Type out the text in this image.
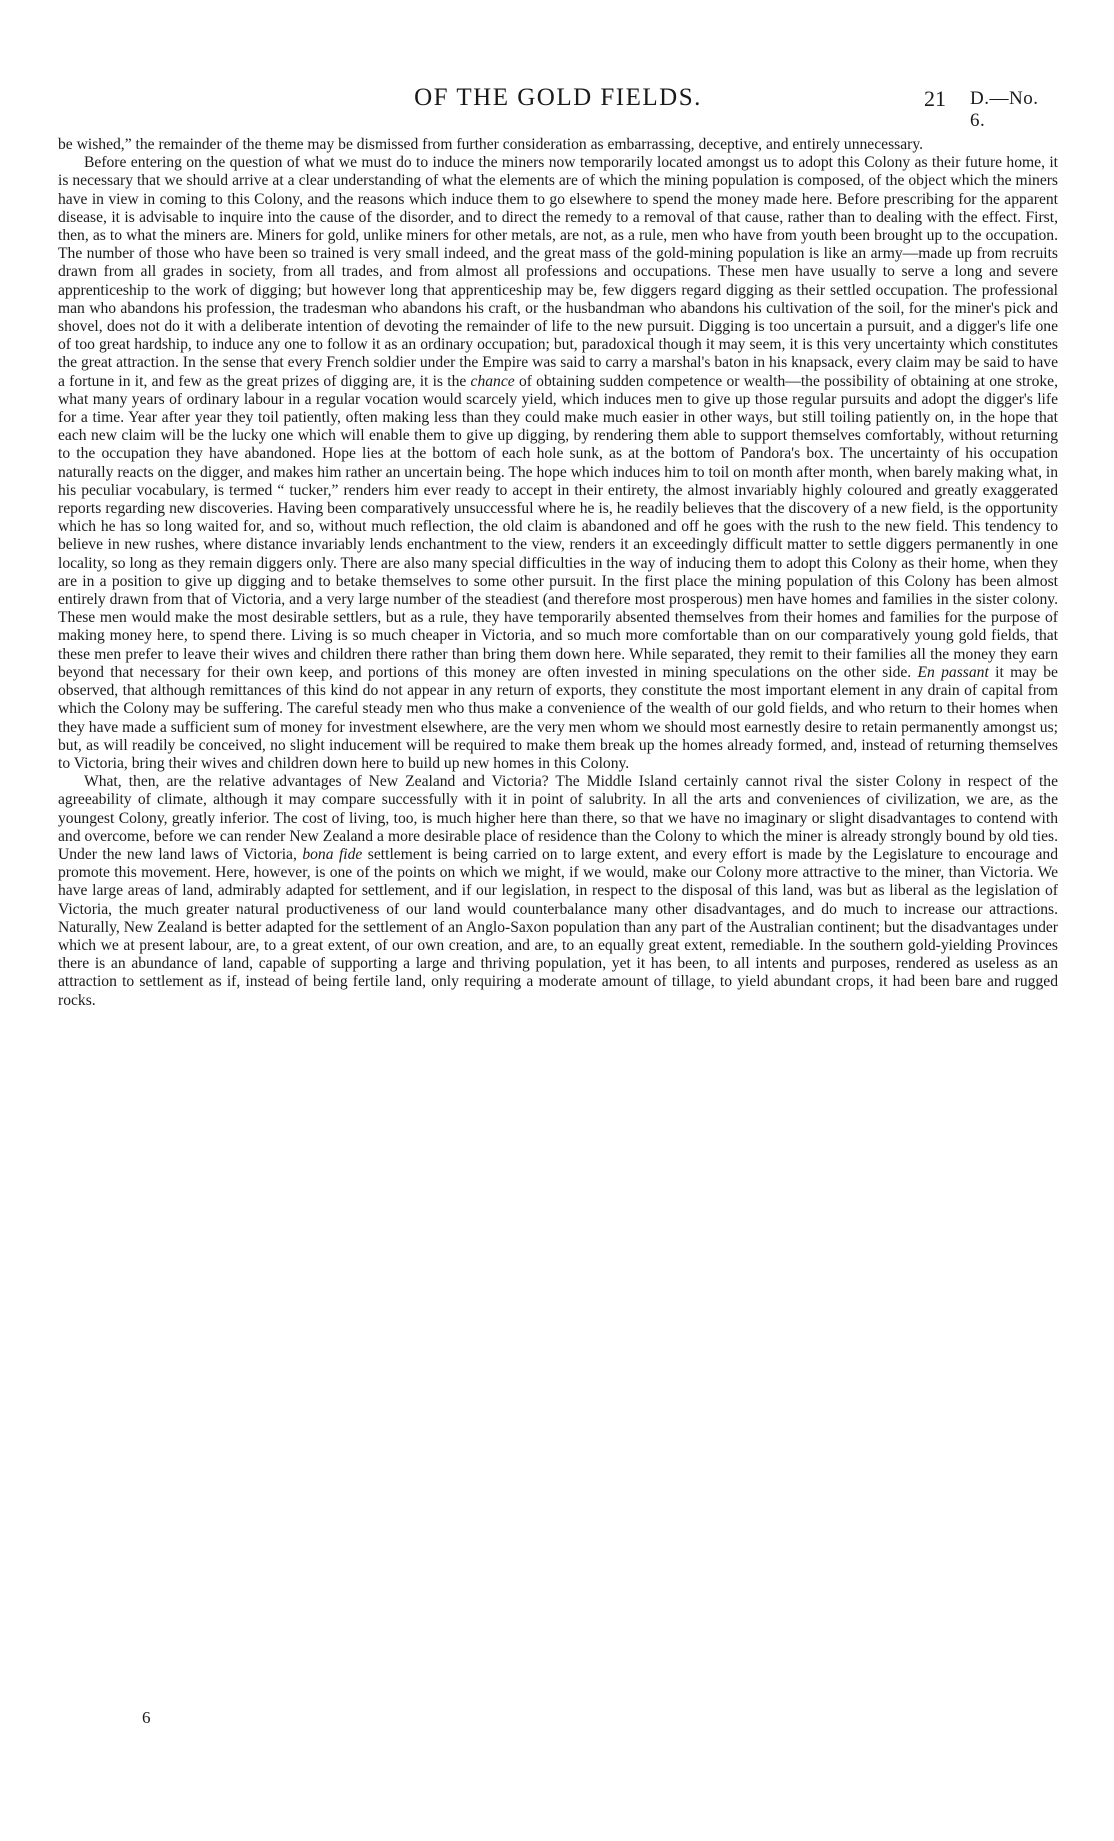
OF THE GOLD FIELDS.	21 D.—No. 6.

be wished,” the remainder of the theme may be dismissed from further consideration as embarrassing, deceptive, and entirely unnecessary.

Before entering on the question of what we must do to induce the miners now temporarily located amongst us to adopt this Colony as their future home, it is necessary that we should arrive at a clear understanding of what the elements are of which the mining population is composed, of the object which the miners have in view in coming to this Colony, and the reasons which induce them to go elsewhere to spend the money made here. Before prescribing for the apparent disease, it is advisable to inquire into the cause of the disorder, and to direct the remedy to a removal of that cause, rather than to dealing with the effect. First, then, as to what the miners are. Miners for gold, unlike miners for other metals, are not, as a rule, men who have from youth been brought up to the occupation. The number of those who have been so trained is very small indeed, and the great mass of the gold-mining population is like an army—made up from recruits drawn from all grades in society, from all trades, and from almost all professions and occupations. These men have usually to serve a long and severe apprenticeship to the work of digging; but however long that apprenticeship may be, few diggers regard digging as their settled occupation. The professional man who abandons his profession, the tradesman who abandons his craft, or the husbandman who abandons his cultivation of the soil, for the miner's pick and shovel, does not do it with a deliberate intention of devoting the remainder of life to the new pursuit. Digging is too uncertain a pursuit, and a digger's life one of too great hardship, to induce any one to follow it as an ordinary occupation; but, paradoxical though it may seem, it is this very uncertainty which constitutes the great attraction. In the sense that every French soldier under the Empire was said to carry a marshal's baton in his knapsack, every claim may be said to have a fortune in it, and few as the great prizes of digging are, it is the chance of obtaining sudden competence or wealth—the possibility of obtaining at one stroke, what many years of ordinary labour in a regular vocation would scarcely yield, which induces men to give up those regular pursuits and adopt the digger's life for a time. Year after year they toil patiently, often making less than they could make much easier in other ways, but still toiling patiently on, in the hope that each new claim will be the lucky one which will enable them to give up digging, by rendering them able to support themselves comfortably, without returning to the occupation they have abandoned. Hope lies at the bottom of each hole sunk, as at the bottom of Pandora's box. The uncertainty of his occupation naturally reacts on the digger, and makes him rather an uncertain being. The hope which induces him to toil on month after month, when barely making what, in his peculiar vocabulary, is termed “ tucker,” renders him ever ready to accept in their entirety, the almost invariably highly coloured and greatly exaggerated reports regarding new discoveries. Having been comparatively unsuccessful where he is, he readily believes that the discovery of a new field, is the opportunity which he has so long waited for, and so, without much reflection, the old claim is abandoned and off he goes with the rush to the new field. This tendency to believe in new rushes, where distance invariably lends enchantment to the view, renders it an exceedingly difficult matter to settle diggers permanently in one locality, so long as they remain diggers only. There are also many special difficulties in the way of inducing them to adopt this Colony as their home, when they are in a position to give up digging and to betake themselves to some other pursuit. In the first place the mining population of this Colony has been almost entirely drawn from that of Victoria, and a very large number of the steadiest (and therefore most prosperous) men have homes and families in the sister colony. These men would make the most desirable settlers, but as a rule, they have temporarily absented themselves from their homes and families for the purpose of making money here, to spend there. Living is so much cheaper in Victoria, and so much more comfortable than on our comparatively young gold fields, that these men prefer to leave their wives and children there rather than bring them down here. While separated, they remit to their families all the money they earn beyond that necessary for their own keep, and portions of this money are often invested in mining speculations on the other side. En passant it may be observed, that although remittances of this kind do not appear in any return of exports, they constitute the most important element in any drain of capital from which the Colony may be suffering. The careful steady men who thus make a convenience of the wealth of our gold fields, and who return to their homes when they have made a sufficient sum of money for investment elsewhere, are the very men whom we should most earnestly desire to retain permanently amongst us; but, as will readily be conceived, no slight inducement will be required to make them break up the homes already formed, and, instead of returning themselves to Victoria, bring their wives and children down here to build up new homes in this Colony.

What, then, are the relative advantages of New Zealand and Victoria? The Middle Island certainly cannot rival the sister Colony in respect of the agreeability of climate, although it may compare successfully with it in point of salubrity. In all the arts and conveniences of civilization, we are, as the youngest Colony, greatly inferior. The cost of living, too, is much higher here than there, so that we have no imaginary or slight disadvantages to contend with and overcome, before we can render New Zealand a more desirable place of residence than the Colony to which the miner is already strongly bound by old ties. Under the new land laws of Victoria, bona fide settlement is being carried on to large extent, and every effort is made by the Legislature to encourage and promote this movement. Here, however, is one of the points on which we might, if we would, make our Colony more attractive to the miner, than Victoria. We have large areas of land, admirably adapted for settlement, and if our legislation, in respect to the disposal of this land, was but as liberal as the legislation of Victoria, the much greater natural productiveness of our land would counterbalance many other disadvantages, and do much to increase our attractions. Naturally, New Zealand is better adapted for the settlement of an Anglo-Saxon population than any part of the Australian continent; but the disadvantages under which we at present labour, are, to a great extent, of our own creation, and are, to an equally great extent, remediable. In the southern gold-yielding Provinces there is an abundance of land, capable of supporting a large and thriving population, yet it has been, to all intents and purposes, rendered as useless as an attraction to settlement as if, instead of being fertile land, only requiring a moderate amount of tillage, to yield abundant crops, it had been bare and rugged rocks.

6
